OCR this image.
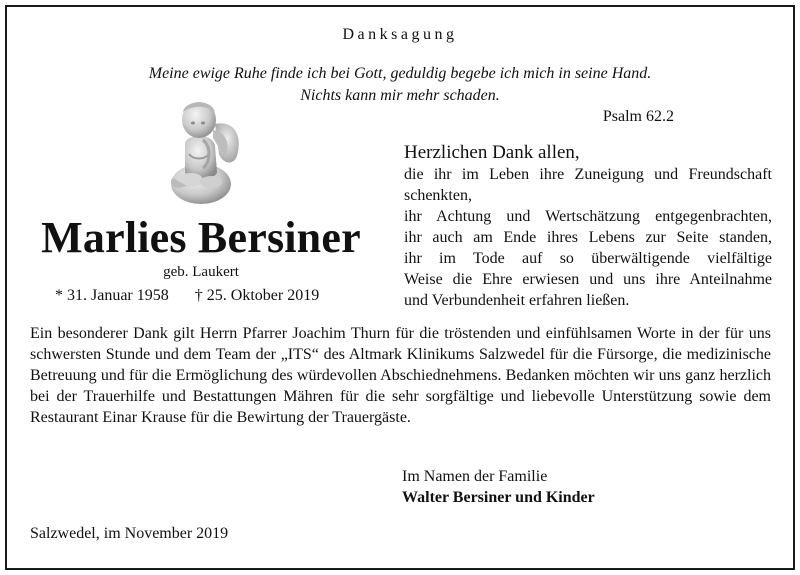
Danksagung
Meine ewige Ruhe finde ich bei Gott, geduldig begebe ich mich in seine Hand.
Nichts kann mir mehr schaden.
Psalm 62.2
Marlies Bersiner
geb. Laukert
* 31. Januar 1958 † 25. Oktober 2019
Herzlichen Dank allen,
die ihr im Leben ihre Zuneigung und Freundschaft
schenkten,
ihr Achtung und Wertschätzung entgegenbrachten,
ihr auch am Ende ihres Lebens zur Seite standen,
ihr im Tode auf so überwältigende vielfältige
Weise die Ehre erwiesen und uns ihre Anteilnahme
und Verbundenheit erfahren ließen.
Ein besonderer Dank gilt Herrn Pfarrer Joachim Thurn für die tröstenden und einfühlsamen Worte in der für uns schwersten Stunde und dem Team der „ITS“ des Altmark Klinikums Salzwedel für die Fürsorge, die medizinische Betreuung und für die Ermöglichung des würdevollen Abschiednehmens. Bedanken möchten wir uns ganz herzlich bei der Trauerhilfe und Bestattungen Mähren für die sehr sorgfältige und liebevolle Unterstützung sowie dem Restaurant Einar Krause für die Bewirtung der Trauergäste.
Im Namen der Familie
Walter Bersiner und Kinder
Salzwedel, im November 2019
